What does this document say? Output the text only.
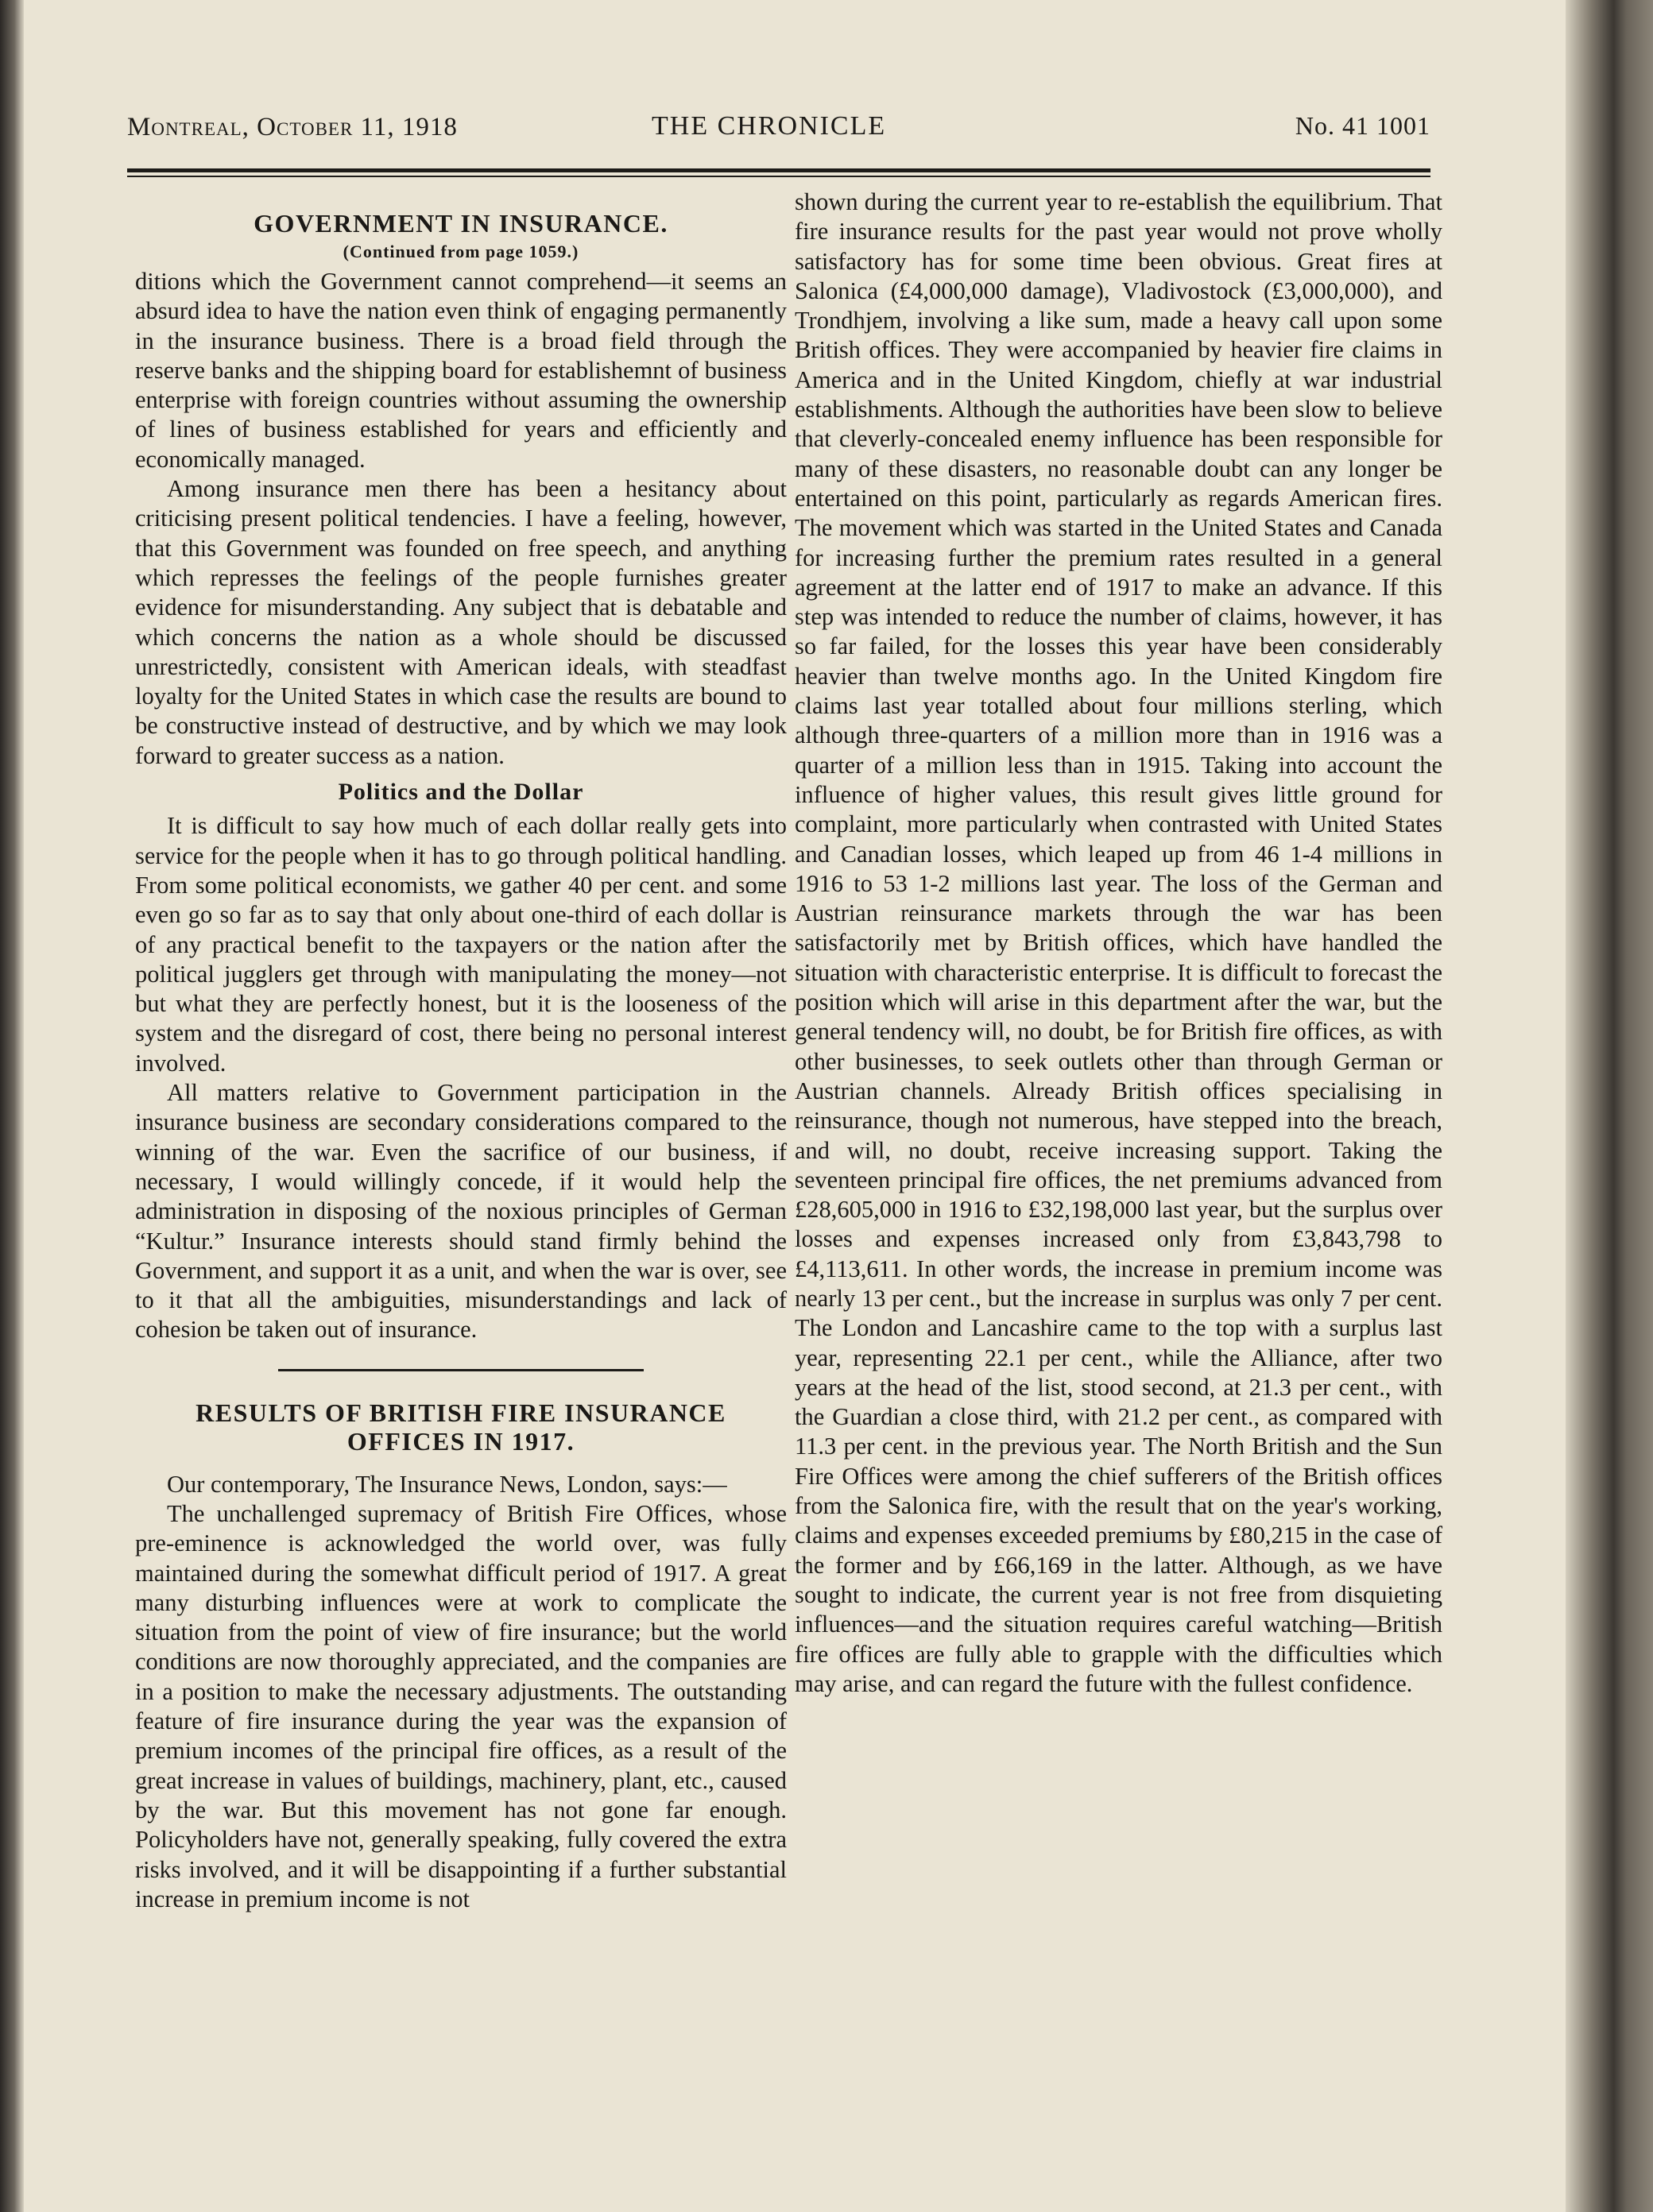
Montreal, October 11, 1918	THE CHRONICLE	No. 41 1001
GOVERNMENT IN INSURANCE.
(Continued from page 1059.)

ditions which the Government cannot comprehend—it seems an absurd idea to have the nation even think of engaging permanently in the insurance business. There is a broad field through the reserve banks and the shipping board for establishemnt of business enterprise with foreign countries without assuming the ownership of lines of business established for years and efficiently and economically managed.

Among insurance men there has been a hesitancy about criticising present political tendencies. I have a feeling, however, that this Government was founded on free speech, and anything which represses the feelings of the people furnishes greater evidence for misunderstanding. Any subject that is debatable and which concerns the nation as a whole should be discussed unrestrictedly, consistent with American ideals, with steadfast loyalty for the United States in which case the results are bound to be constructive instead of destructive, and by which we may look forward to greater success as a nation.

Politics and the Dollar

It is difficult to say how much of each dollar really gets into service for the people when it has to go through political handling. From some political economists, we gather 40 per cent. and some even go so far as to say that only about one-third of each dollar is of any practical benefit to the taxpayers or the nation after the political jugglers get through with manipulating the money—not but what they are perfectly honest, but it is the looseness of the system and the disregard of cost, there being no personal interest involved.

All matters relative to Government participation in the insurance business are secondary considerations compared to the winning of the war. Even the sacrifice of our business, if necessary, I would willingly concede, if it would help the administration in disposing of the noxious principles of German “Kultur.” Insurance interests should stand firmly behind the Government, and support it as a unit, and when the war is over, see to it that all the ambiguities, misunderstandings and lack of cohesion be taken out of insurance.

RESULTS OF BRITISH FIRE INSURANCE
OFFICES IN 1917.

Our contemporary, The Insurance News, London, says:—

The unchallenged supremacy of British Fire Offices, whose pre-eminence is acknowledged the world over, was fully maintained during the somewhat difficult period of 1917. A great many disturbing influences were at work to complicate the situation from the point of view of fire insurance; but the world conditions are now thoroughly appreciated, and the companies are in a position to make the necessary adjustments. The outstanding feature of fire insurance during the year was the expansion of premium incomes of the principal fire offices, as a result of the great increase in values of buildings, machinery, plant, etc., caused by the war. But this movement has not gone far enough. Policyholders have not, generally speaking, fully covered the extra risks involved, and it will be disappointing if a further substantial increase in premium income is not

shown during the current year to re-establish the equilibrium. That fire insurance results for the past year would not prove wholly satisfactory has for some time been obvious. Great fires at Salonica (£4,000,000 damage), Vladivostock (£3,000,000), and Trondhjem, involving a like sum, made a heavy call upon some British offices. They were accompanied by heavier fire claims in America and in the United Kingdom, chiefly at war industrial establishments. Although the authorities have been slow to believe that cleverly-concealed enemy influence has been responsible for many of these disasters, no reasonable doubt can any longer be entertained on this point, particularly as regards American fires. The movement which was started in the United States and Canada for increasing further the premium rates resulted in a general agreement at the latter end of 1917 to make an advance. If this step was intended to reduce the number of claims, however, it has so far failed, for the losses this year have been considerably heavier than twelve months ago. In the United Kingdom fire claims last year totalled about four millions sterling, which although three-quarters of a million more than in 1916 was a quarter of a million less than in 1915. Taking into account the influence of higher values, this result gives little ground for complaint, more particularly when contrasted with United States and Canadian losses, which leaped up from 46 1-4 millions in 1916 to 53 1-2 millions last year. The loss of the German and Austrian reinsurance markets through the war has been satisfactorily met by British offices, which have handled the situation with characteristic enterprise. It is difficult to forecast the position which will arise in this department after the war, but the general tendency will, no doubt, be for British fire offices, as with other businesses, to seek outlets other than through German or Austrian channels. Already British offices specialising in reinsurance, though not numerous, have stepped into the breach, and will, no doubt, receive increasing support. Taking the seventeen principal fire offices, the net premiums advanced from £28,605,000 in 1916 to £32,198,000 last year, but the surplus over losses and expenses increased only from £3,843,798 to £4,113,611. In other words, the increase in premium income was nearly 13 per cent., but the increase in surplus was only 7 per cent. The London and Lancashire came to the top with a surplus last year, representing 22.1 per cent., while the Alliance, after two years at the head of the list, stood second, at 21.3 per cent., with the Guardian a close third, with 21.2 per cent., as compared with 11.3 per cent. in the previous year. The North British and the Sun Fire Offices were among the chief sufferers of the British offices from the Salonica fire, with the result that on the year's working, claims and expenses exceeded premiums by £80,215 in the case of the former and by £66,169 in the latter. Although, as we have sought to indicate, the current year is not free from disquieting influences—and the situation requires careful watching—British fire offices are fully able to grapple with the difficulties which may arise, and can regard the future with the fullest confidence.
